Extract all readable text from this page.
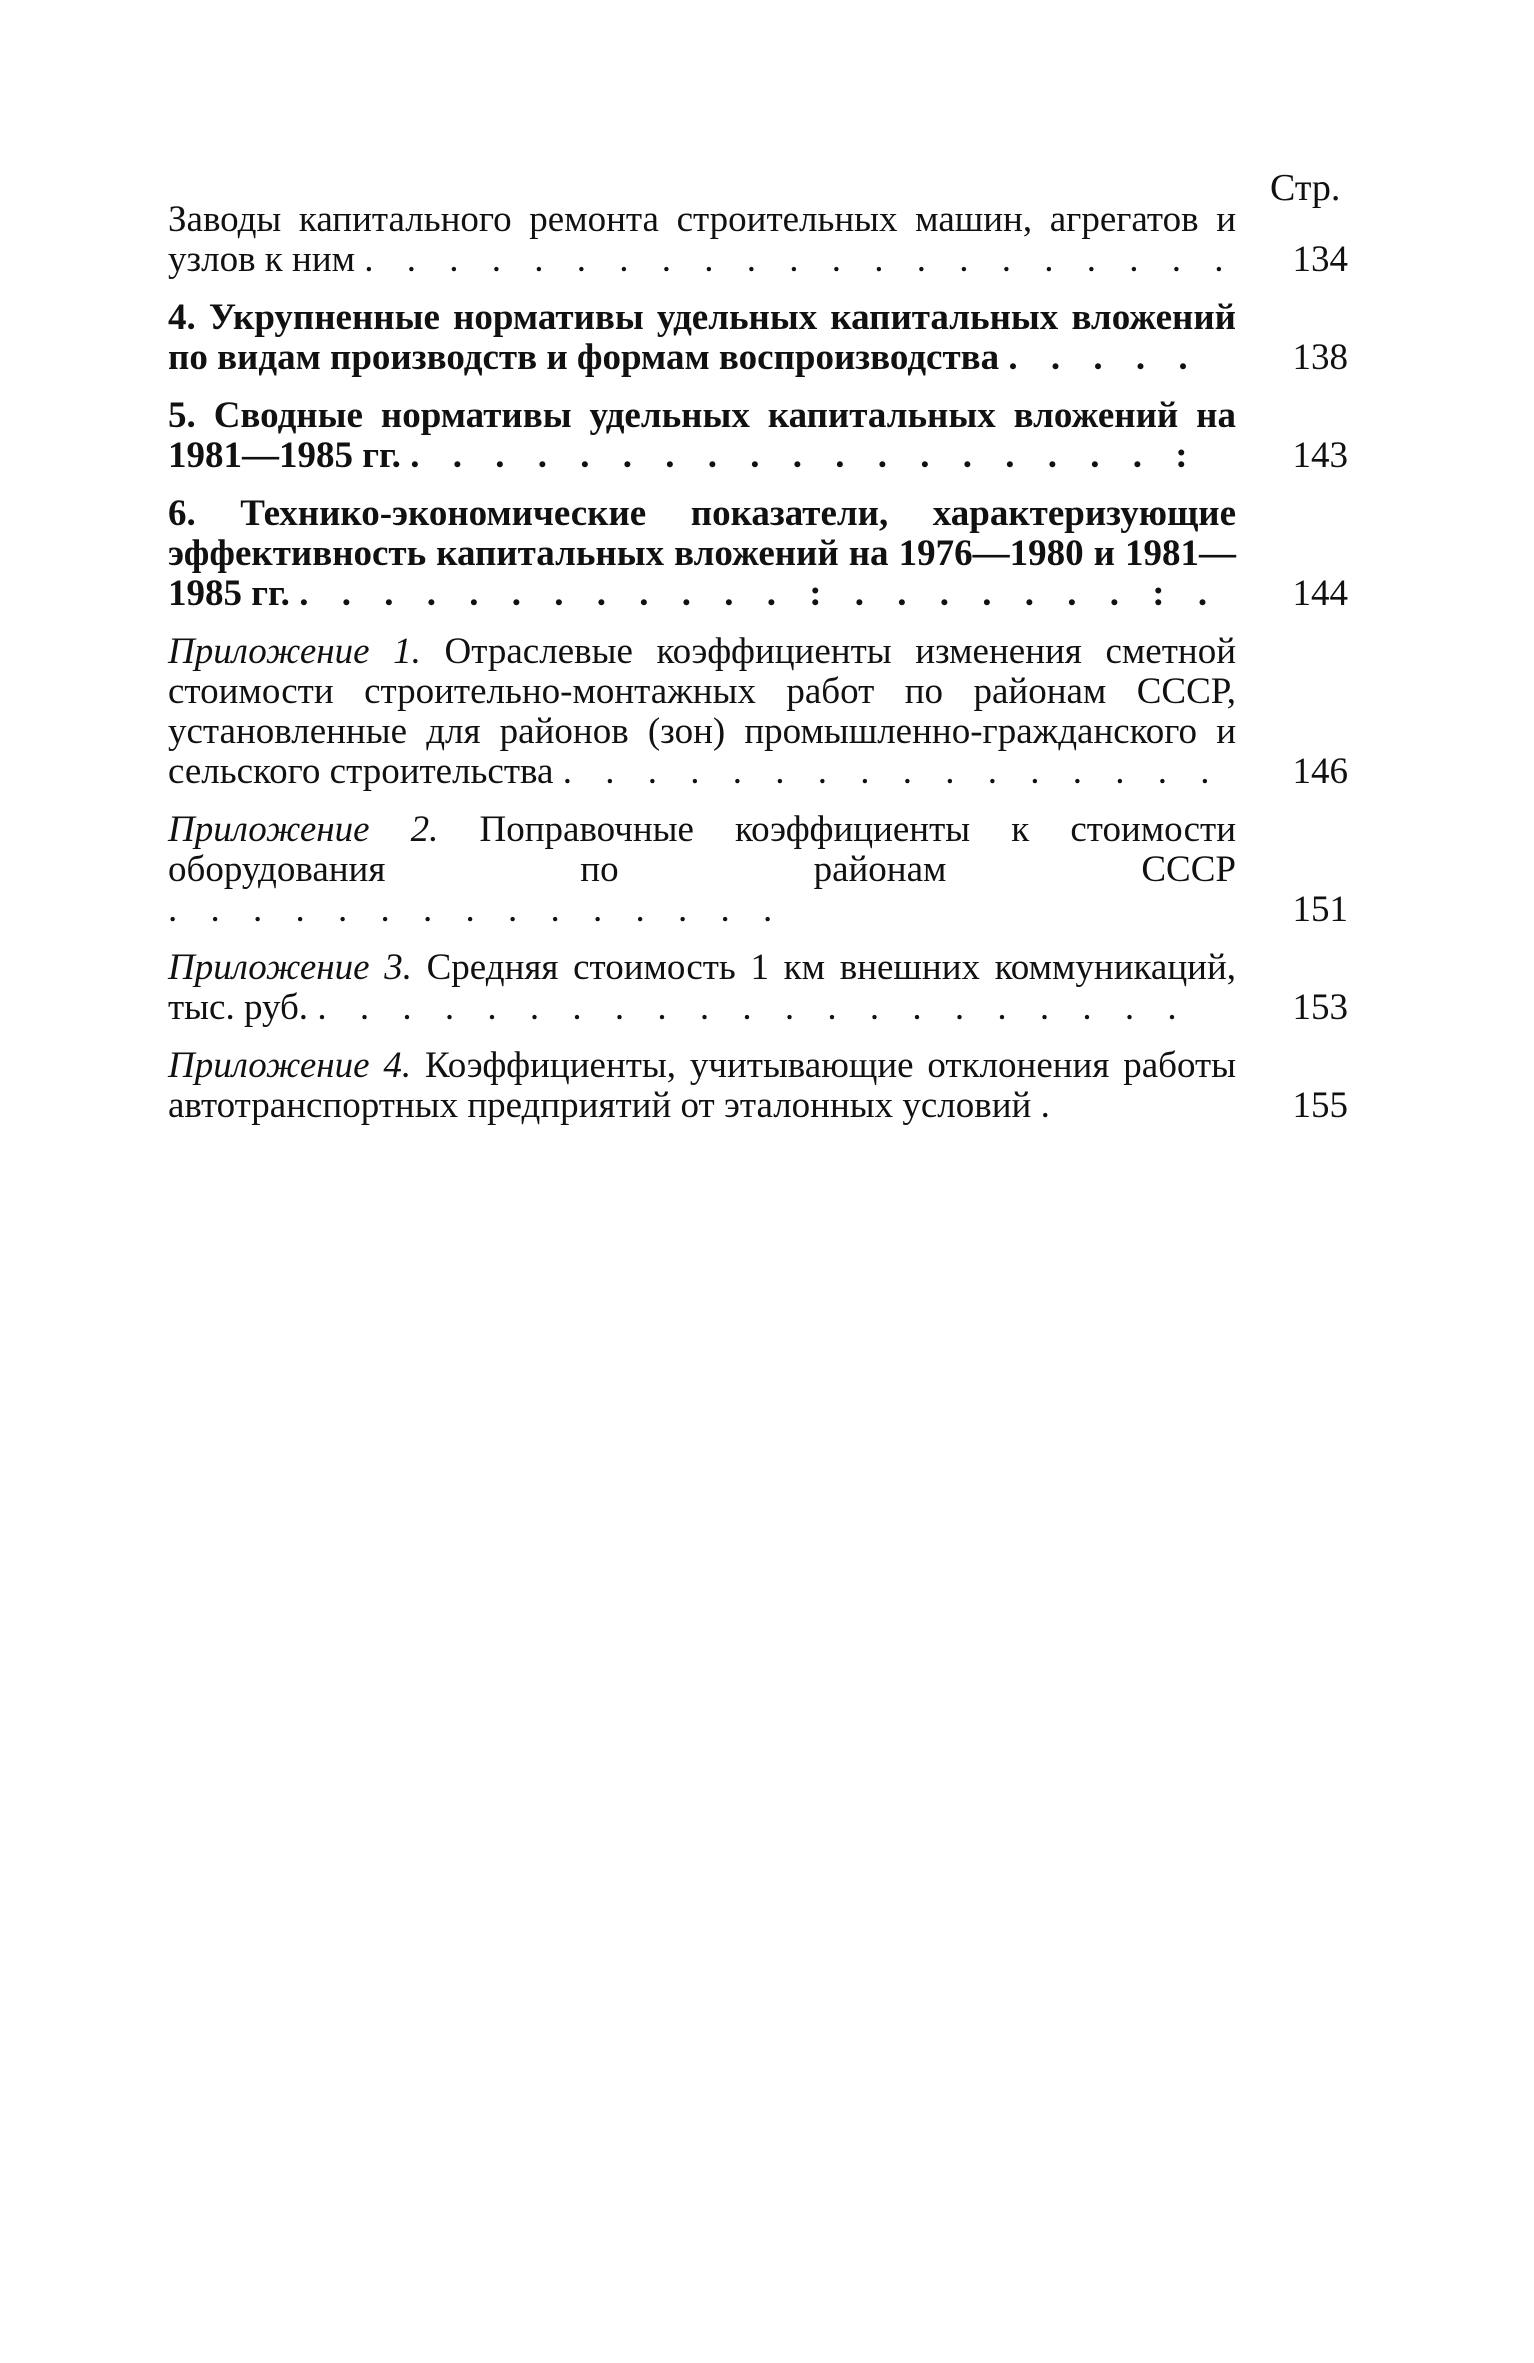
Стр.
Заводы капитального ремонта строительных машин, агрегатов и узлов к ним . . . . . . . . . . . . . . . . . . . . .	134
4. Укрупненные нормативы удельных капитальных вложений по видам производств и формам воспроизводства . . . . .	138
5. Сводные нормативы удельных капитальных вложений на 1981—1985 гг. . . . . . . . . . . . . . . . . . . :	143
6. Технико-экономические показатели, характеризующие эффективность капитальных вложений на 1976—1980 и 1981—1985 гг. . . . . . . . . . . . . : . . . . . . . : .	144
Приложение 1. Отраслевые коэффициенты изменения сметной стоимости строительно-монтажных работ по районам СССР, установленные для районов (зон) промышленно-гражданского и сельского строительства . . . . . . . . . . . . . . . .	146
Приложение 2. Поправочные коэффициенты к стоимости оборудования по районам СССР . . . . . . . . . . . . . . .	151
Приложение 3. Средняя стоимость 1 км внешних коммуникаций, тыс. руб. . . . . . . . . . . . . . . . . . . . . .	153
Приложение 4. Коэффициенты, учитывающие отклонения работы автотранспортных предприятий от эталонных условий .	155
